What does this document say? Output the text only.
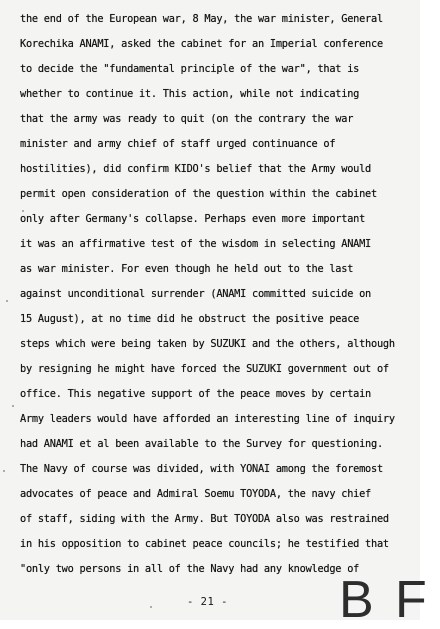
the end of the European war, 8 May, the war minister, General
Korechika ANAMI, asked the cabinet for an Imperial conference
to decide the "fundamental principle of the war", that is
whether to continue it. This action, while not indicating
that the army was ready to quit (on the contrary the war
minister and army chief of staff urged continuance of
hostilities), did confirm KIDO's belief that the Army would
permit open consideration of the question within the cabinet
only after Germany's collapse. Perhaps even more important
it was an affirmative test of the wisdom in selecting ANAMI
as war minister. For even though he held out to the last
against unconditional surrender (ANAMI committed suicide on
15 August), at no time did he obstruct the positive peace
steps which were being taken by SUZUKI and the others, although
by resigning he might have forced the SUZUKI government out of
office. This negative support of the peace moves by certain
Army leaders would have afforded an interesting line of inquiry
had ANAMI et al been available to the Survey for questioning.
The Navy of course was divided, with YONAI among the foremost
advocates of peace and Admiral Soemu TOYODA, the navy chief
of staff, siding with the Army. But TOYODA also was restrained
in his opposition to cabinet peace councils; he testified that
"only two persons in all of the Navy had any knowledge of
- 21 - B F
